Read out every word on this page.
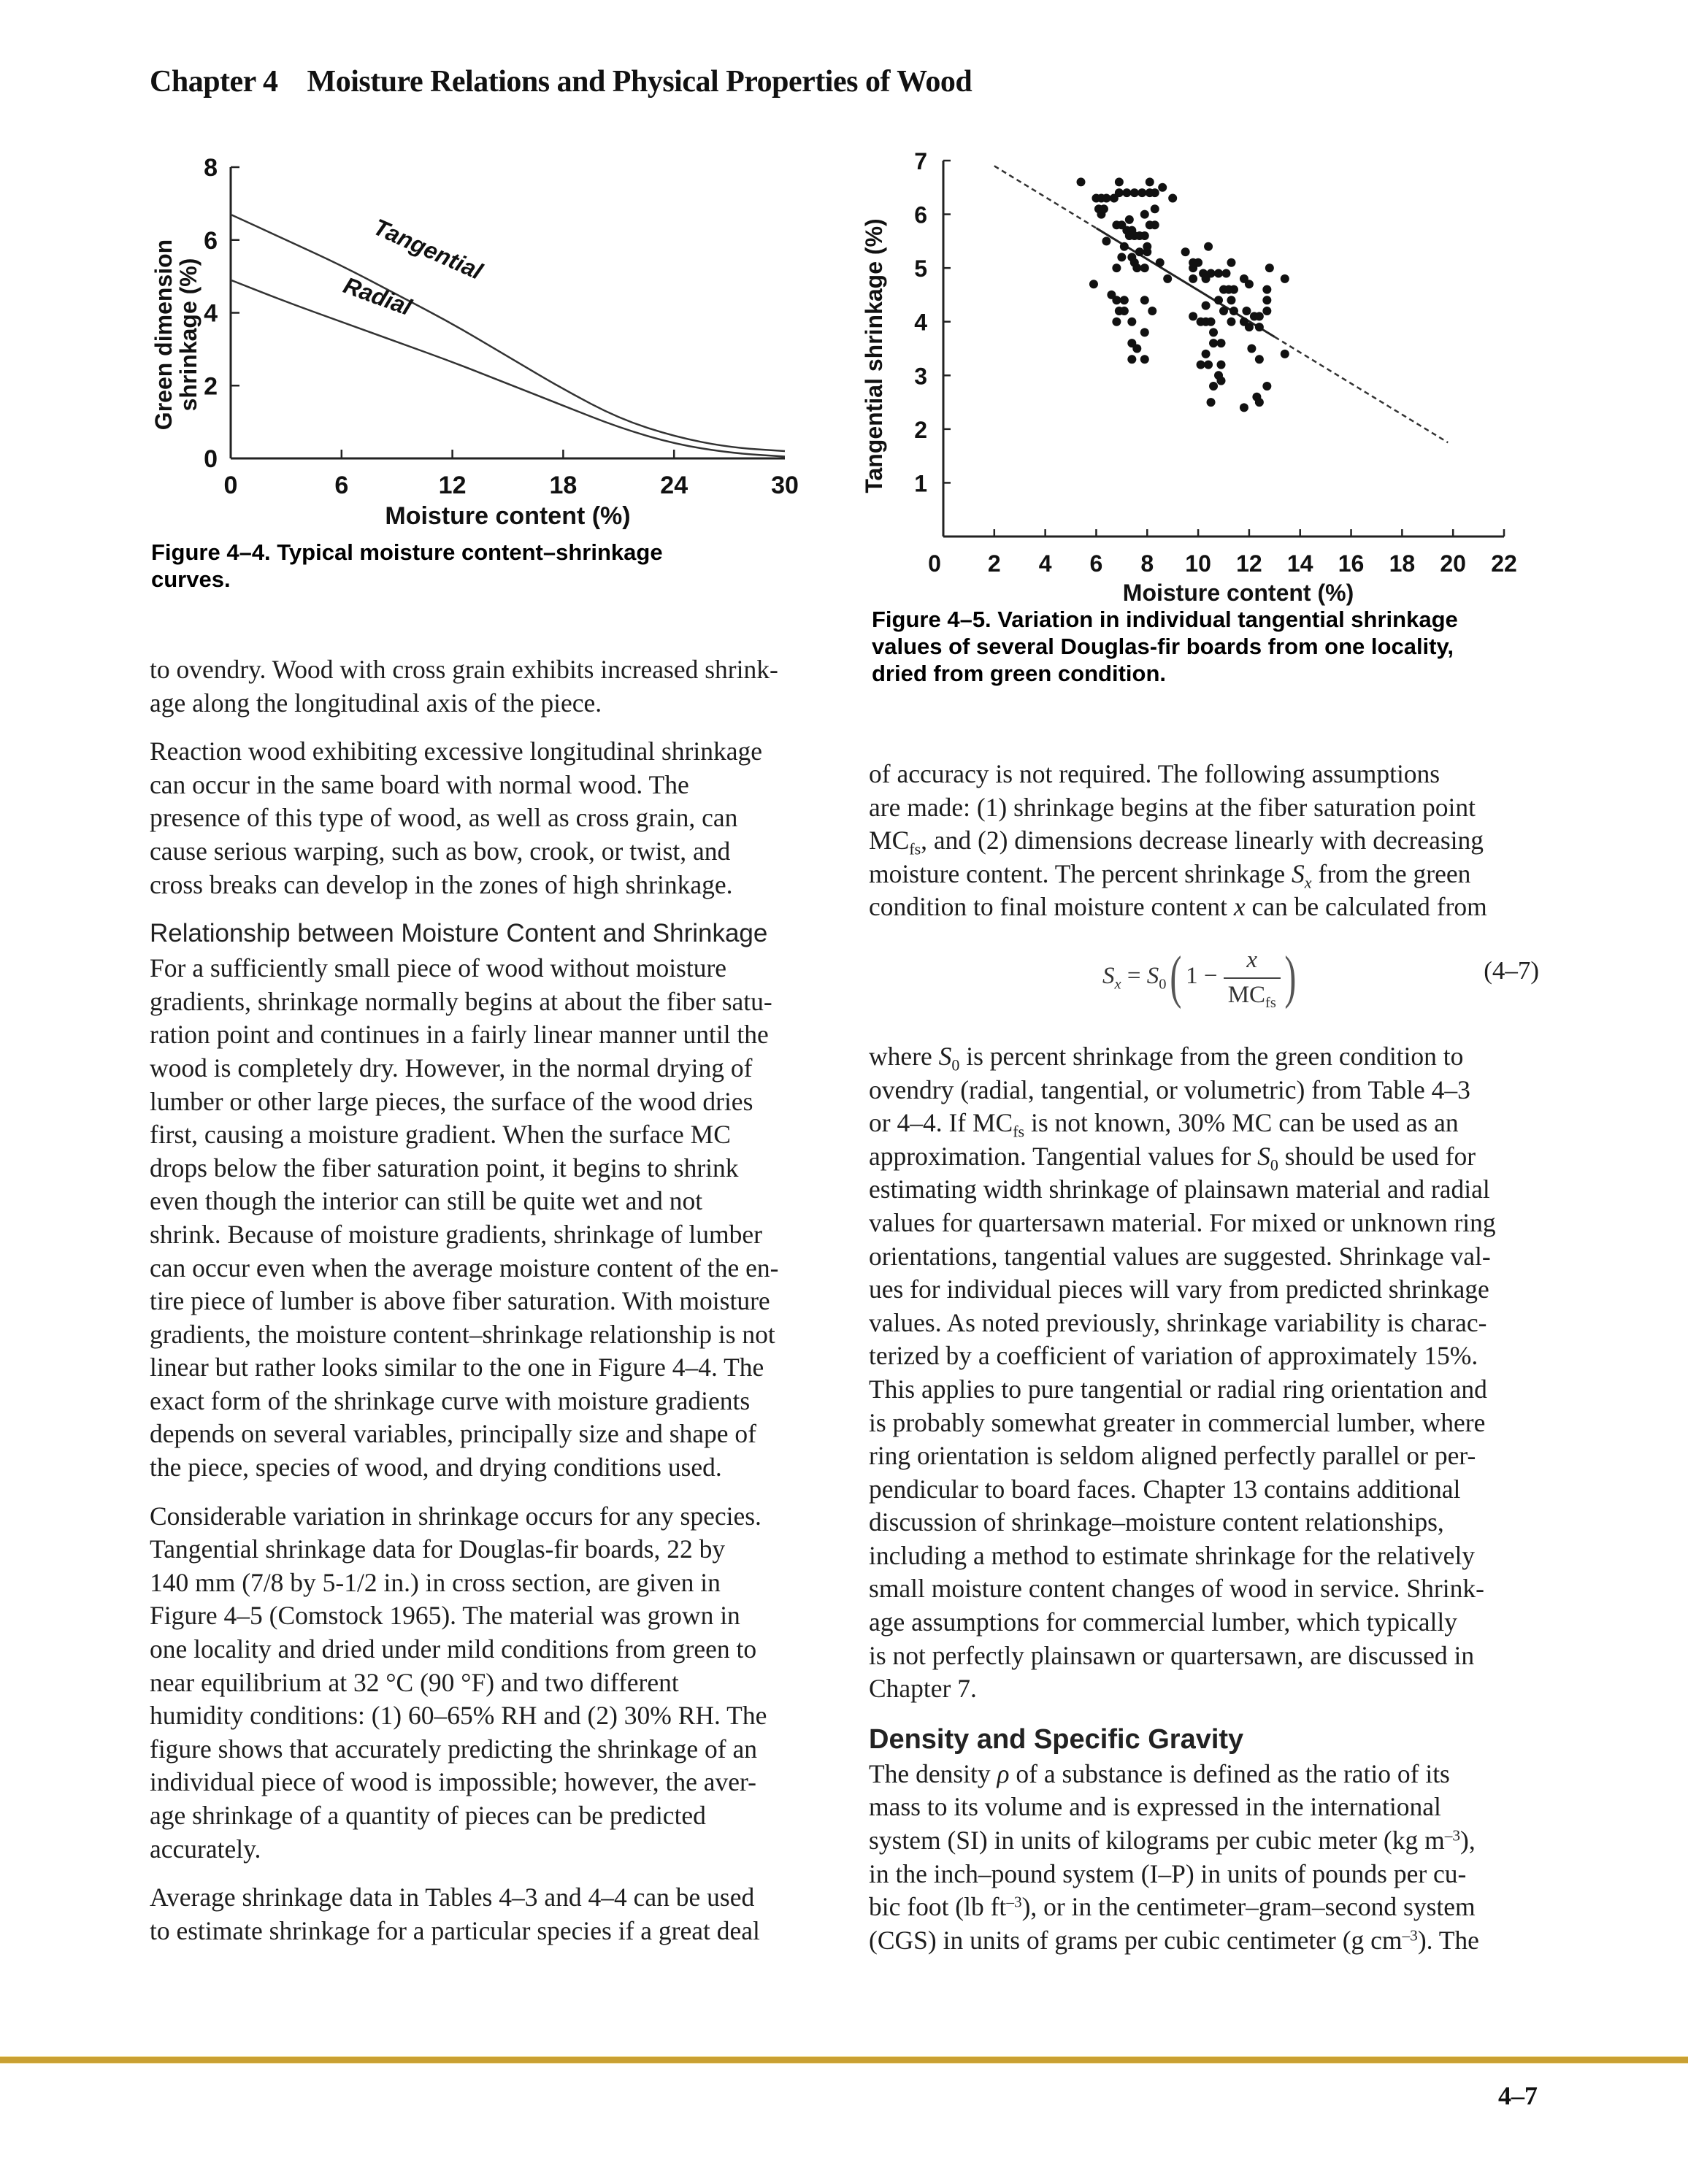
Chapter 4    Moisture Relations and Physical Properties of Wood
0
2
4
6
8
0	6	12	18	24	30
Moisture content (%)
Green dimensionshrinkage (%)
Tangential
Radial
Figure 4–4. Typical moisture content–shrinkage
curves.
1
2
3
4
5
6
7
0 2 4 6 8 10 12 14 16 18 20 22
Moisture content (%)
Tangential shrinkage (%)
Figure 4–5. Variation in individual tangential shrinkage
values of several Douglas-fir boards from one locality,
dried from green condition.

to ovendry. Wood with cross grain exhibits increased shrink-
age along the longitudinal axis of the piece.

Reaction wood exhibiting excessive longitudinal shrinkage
can occur in the same board with normal wood. The
presence of this type of wood, as well as cross grain, can
cause serious warping, such as bow, crook, or twist, and
cross breaks can develop in the zones of high shrinkage.

Relationship between Moisture Content and Shrinkage

For a sufficiently small piece of wood without moisture
gradients, shrinkage normally begins at about the fiber satu-
ration point and continues in a fairly linear manner until the
wood is completely dry. However, in the normal drying of
lumber or other large pieces, the surface of the wood dries
first, causing a moisture gradient. When the surface MC
drops below the fiber saturation point, it begins to shrink
even though the interior can still be quite wet and not
shrink. Because of moisture gradients, shrinkage of lumber
can occur even when the average moisture content of the en-
tire piece of lumber is above fiber saturation. With moisture
gradients, the moisture content–shrinkage relationship is not
linear but rather looks similar to the one in Figure 4–4. The
exact form of the shrinkage curve with moisture gradients
depends on several variables, principally size and shape of
the piece, species of wood, and drying conditions used.

Considerable variation in shrinkage occurs for any species.
Tangential shrinkage data for Douglas-fir boards, 22 by
140 mm (7/8 by 5-1/2 in.) in cross section, are given in
Figure 4–5 (Comstock 1965). The material was grown in
one locality and dried under mild conditions from green to
near equilibrium at 32 °C (90 °F) and two different
humidity conditions: (1) 60–65% RH and (2) 30% RH. The
figure shows that accurately predicting the shrinkage of an
individual piece of wood is impossible; however, the aver-
age shrinkage of a quantity of pieces can be predicted
accurately.

Average shrinkage data in Tables 4–3 and 4–4 can be used
to estimate shrinkage for a particular species if a great deal

of accuracy is not required. The following assumptions
are made: (1) shrinkage begins at the fiber saturation point
$MC_{fs}$, and (2) dimensions decrease linearly with decreasing
moisture content. The percent shrinkage $S_x$ from the green
condition to final moisture content x can be calculated from

$S_x = S_0$( $1 - \frac{x}{MC_{fs}}$ )	(4–7)

where $S_0$ is percent shrinkage from the green condition to
ovendry (radial, tangential, or volumetric) from Table 4–3
or 4–4. If $MC_{fs}$ is not known, 30% MC can be used as an
approximation. Tangential values for $S_0$ should be used for
estimating width shrinkage of plainsawn material and radial
values for quartersawn material. For mixed or unknown ring
orientations, tangential values are suggested. Shrinkage val-
ues for individual pieces will vary from predicted shrinkage
values. As noted previously, shrinkage variability is charac-
terized by a coefficient of variation of approximately 15%.
This applies to pure tangential or radial ring orientation and
is probably somewhat greater in commercial lumber, where
ring orientation is seldom aligned perfectly parallel or per-
pendicular to board faces. Chapter 13 contains additional
discussion of shrinkage–moisture content relationships,
including a method to estimate shrinkage for the relatively
small moisture content changes of wood in service. Shrink-
age assumptions for commercial lumber, which typically
is not perfectly plainsawn or quartersawn, are discussed in
Chapter 7.

Density and Specific Gravity

The density ρ of a substance is defined as the ratio of its
mass to its volume and is expressed in the international
system (SI) in units of kilograms per cubic meter (kg $m^{-3}$),
in the inch–pound system (I–P) in units of pounds per cu-
bic foot (lb $ft^{-3}$), or in the centimeter–gram–second system
(CGS) in units of grams per cubic centimeter (g $cm^{-3}$). The

4–7
